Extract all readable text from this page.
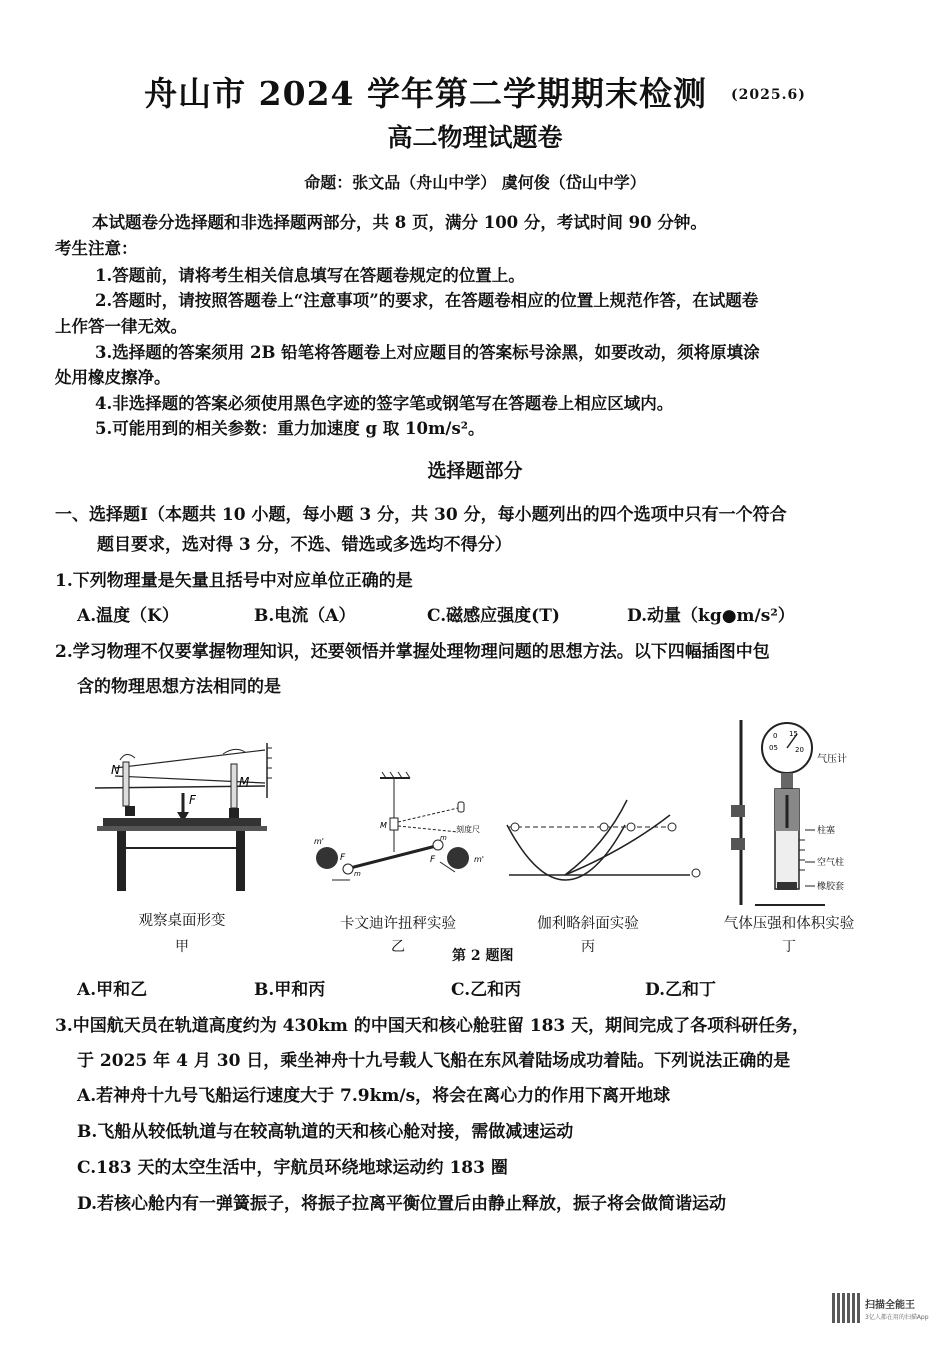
舟山市 2024 学年第二学期期末检测 (2025.6)
高二物理试题卷
命题：张文品（舟山中学） 虞何俊（岱山中学）
本试题卷分选择题和非选择题两部分，共 8 页，满分 100 分，考试时间 90 分钟。
考生注意：
1.答题前，请将考生相关信息填写在答题卷规定的位置上。
2.答题时，请按照答题卷上“注意事项”的要求，在答题卷相应的位置上规范作答，在试题卷
上作答一律无效。
3.选择题的答案须用 2B 铅笔将答题卷上对应题目的答案标号涂黑，如要改动，须将原填涂
处用橡皮擦净。
4.非选择题的答案必须使用黑色字迹的签字笔或钢笔写在答题卷上相应区域内。
5.可能用到的相关参数：重力加速度 g 取 10m/s²。
选择题部分
一、选择题Ⅰ（本题共 10 小题，每小题 3 分，共 30 分，每小题列出的四个选项中只有一个符合
题目要求，选对得 3 分，不选、错选或多选均不得分）
1.下列物理量是矢量且括号中对应单位正确的是
A.温度（K）	B.电流（A）	C.磁感应强度(T)	D.动量（kg●m/s²）
2.学习物理不仅要掌握物理知识，还要领悟并掌握处理物理问题的思想方法。以下四幅插图中包
含的物理思想方法相同的是
N
M
F
m'
F
m
F
m
m'
M	刻度尺
05
0 15
20
气压计
柱塞
空气柱
橡胶套
观察桌面形变
甲
卡文迪许扭秤实验
乙
伽利略斜面实验
丙
气体压强和体积实验
丁
第 2 题图
A.甲和乙	B.甲和丙	C.乙和丙	D.乙和丁
3.中国航天员在轨道高度约为 430km 的中国天和核心舱驻留 183 天，期间完成了各项科研任务，
于 2025 年 4 月 30 日，乘坐神舟十九号载人飞船在东风着陆场成功着陆。下列说法正确的是
A.若神舟十九号飞船运行速度大于 7.9km/s，将会在离心力的作用下离开地球
B.飞船从较低轨道与在较高轨道的天和核心舱对接，需做减速运动
C.183 天的太空生活中，宇航员环绕地球运动约 183 圈
D.若核心舱内有一弹簧振子，将振子拉离平衡位置后由静止释放，振子将会做简谐运动
扫描全能王
3亿人都在用的扫描App
